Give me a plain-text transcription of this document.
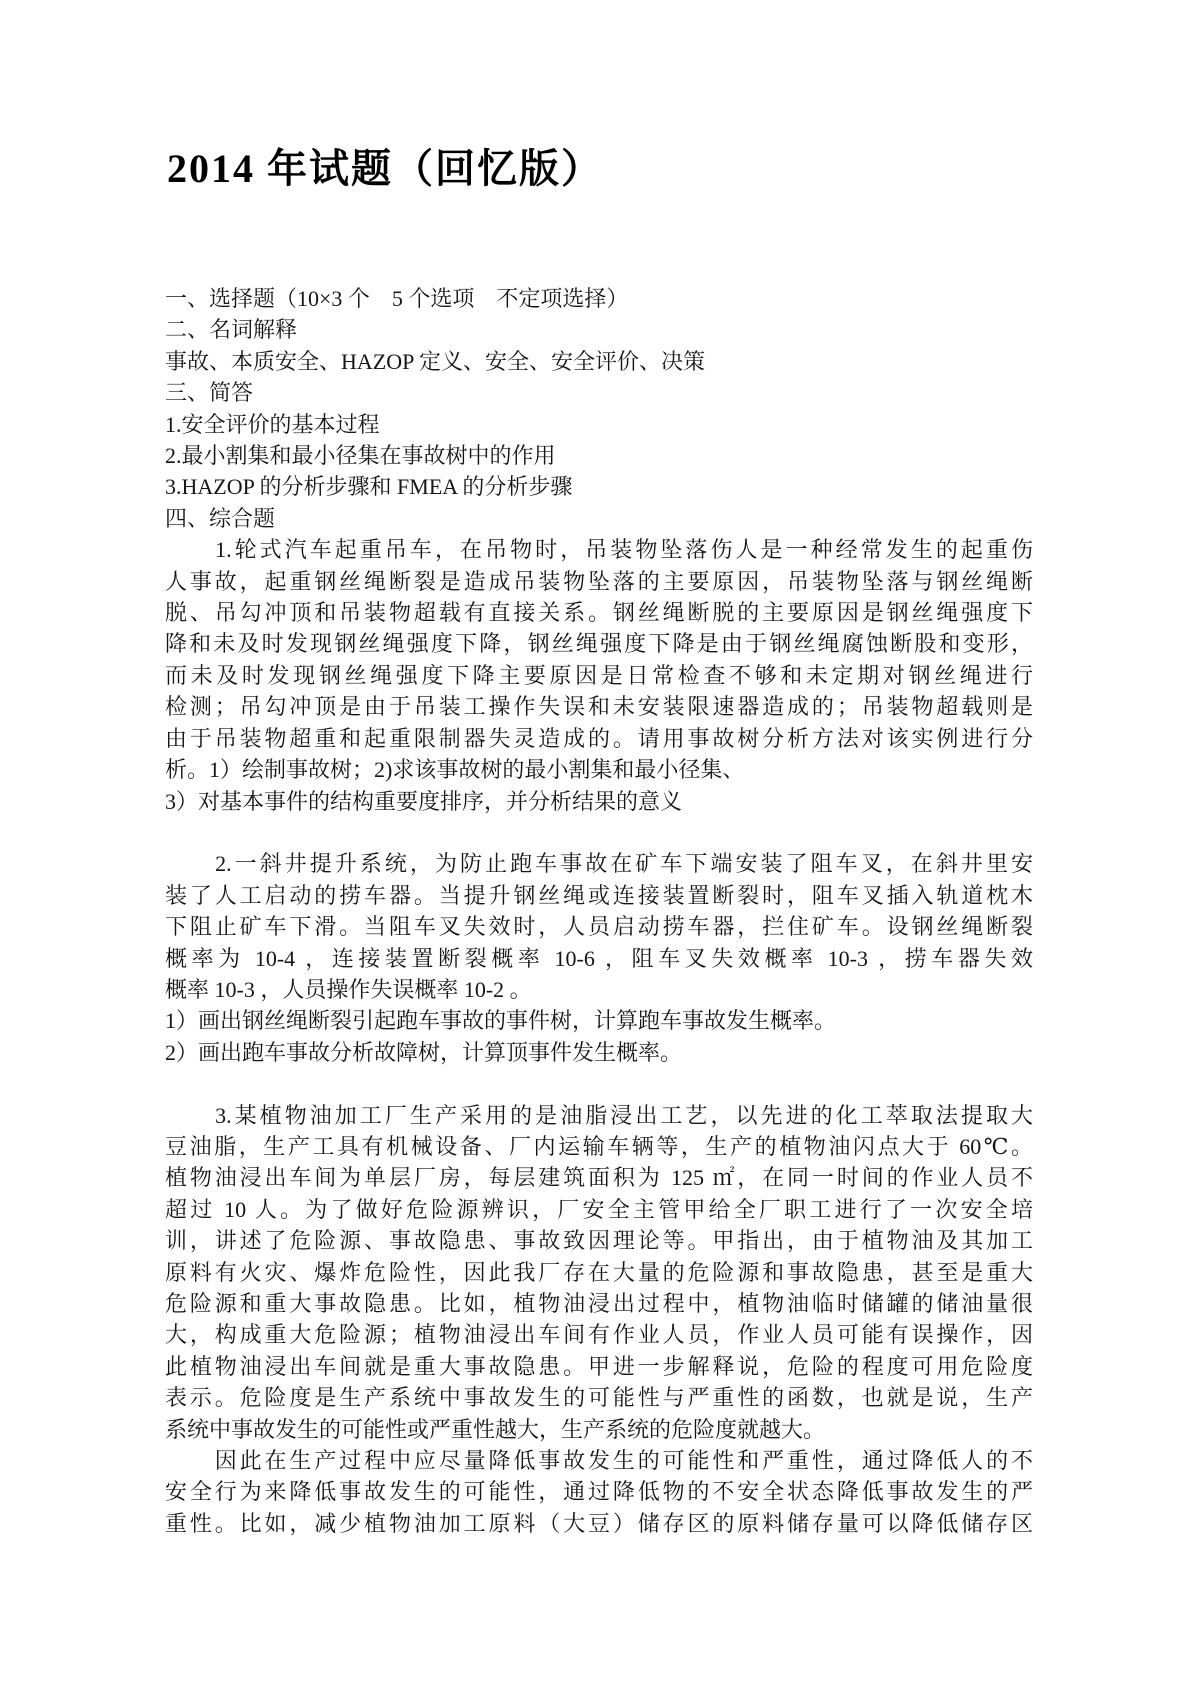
2014 年试题（回忆版）
一、选择题（10×3 个　5 个选项　不定项选择）
二、名词解释
事故、本质安全、HAZOP 定义、安全、安全评价、决策
三、简答
1.安全评价的基本过程
2.最小割集和最小径集在事故树中的作用
3.HAZOP 的分析步骤和 FMEA 的分析步骤
四、综合题
　　1.轮式汽车起重吊车，在吊物时，吊装物坠落伤人是一种经常发生的起重伤
人事故，起重钢丝绳断裂是造成吊装物坠落的主要原因，吊装物坠落与钢丝绳断
脱、吊勾冲顶和吊装物超载有直接关系。钢丝绳断脱的主要原因是钢丝绳强度下
降和未及时发现钢丝绳强度下降，钢丝绳强度下降是由于钢丝绳腐蚀断股和变形，
而未及时发现钢丝绳强度下降主要原因是日常检查不够和未定期对钢丝绳进行
检测；吊勾冲顶是由于吊装工操作失误和未安装限速器造成的；吊装物超载则是
由于吊装物超重和起重限制器失灵造成的。请用事故树分析方法对该实例进行分
析。1）绘制事故树；2)求该事故树的最小割集和最小径集、
3）对基本事件的结构重要度排序，并分析结果的意义
　　2.一斜井提升系统，为防止跑车事故在矿车下端安装了阻车叉，在斜井里安
装了人工启动的捞车器。当提升钢丝绳或连接装置断裂时，阻车叉插入轨道枕木
下阻止矿车下滑。当阻车叉失效时，人员启动捞车器，拦住矿车。设钢丝绳断裂
概率为 10-4 ，连接装置断裂概率 10-6 ，阻车叉失效概率 10-3 ，捞车器失效
概率 10-3 ，人员操作失误概率 10-2 。
1）画出钢丝绳断裂引起跑车事故的事件树，计算跑车事故发生概率。
2）画出跑车事故分析故障树，计算顶事件发生概率。
　　3.某植物油加工厂生产采用的是油脂浸出工艺，以先进的化工萃取法提取大
豆油脂，生产工具有机械设备、厂内运输车辆等，生产的植物油闪点大于 60℃。
植物油浸出车间为单层厂房，每层建筑面积为 125 ㎡，在同一时间的作业人员不
超过 10 人。为了做好危险源辨识，厂安全主管甲给全厂职工进行了一次安全培
训，讲述了危险源、事故隐患、事故致因理论等。甲指出，由于植物油及其加工
原料有火灾、爆炸危险性，因此我厂存在大量的危险源和事故隐患，甚至是重大
危险源和重大事故隐患。比如，植物油浸出过程中，植物油临时储罐的储油量很
大，构成重大危险源；植物油浸出车间有作业人员，作业人员可能有误操作，因
此植物油浸出车间就是重大事故隐患。甲进一步解释说，危险的程度可用危险度
表示。危险度是生产系统中事故发生的可能性与严重性的函数，也就是说，生产
系统中事故发生的可能性或严重性越大，生产系统的危险度就越大。
　　因此在生产过程中应尽量降低事故发生的可能性和严重性，通过降低人的不
安全行为来降低事故发生的可能性，通过降低物的不安全状态降低事故发生的严
重性。比如，减少植物油加工原料（大豆）储存区的原料储存量可以降低储存区
